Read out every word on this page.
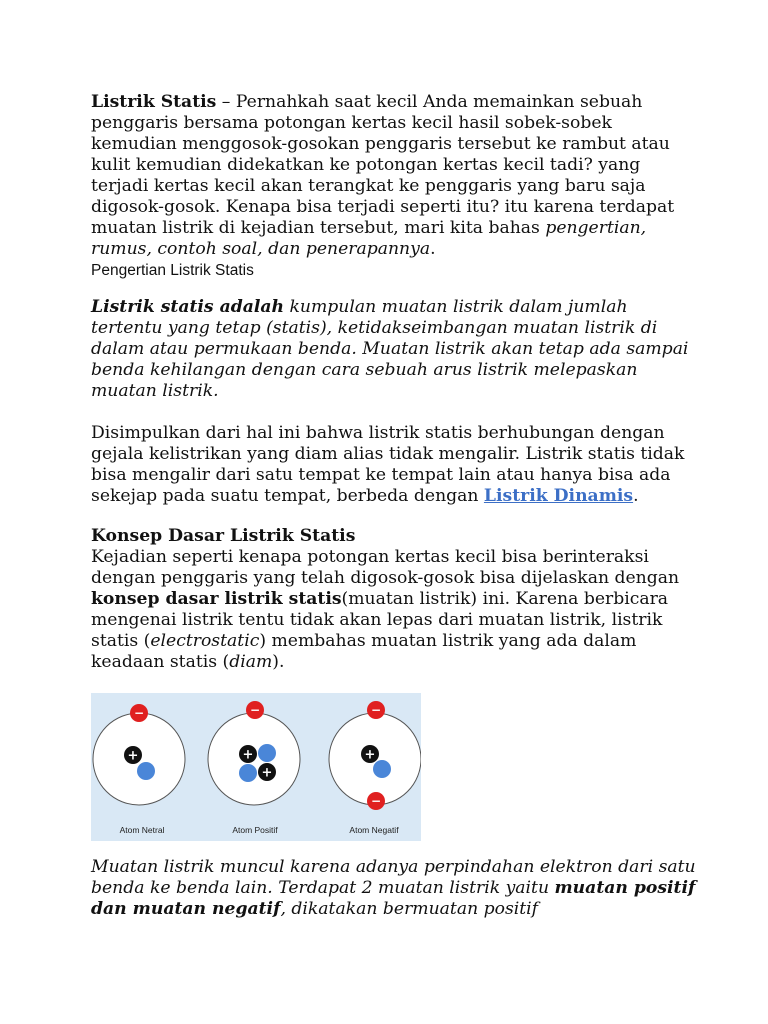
Listrik Statis – Pernahkah saat kecil Anda memainkan sebuah penggaris bersama potongan kertas kecil hasil sobek-sobek kemudian menggosok-gosokan penggaris tersebut ke rambut atau kulit kemudian didekatkan ke potongan kertas kecil tadi? yang terjadi kertas kecil akan terangkat ke penggaris yang baru saja digosok-gosok. Kenapa bisa terjadi seperti itu? itu karena terdapat muatan listrik di kejadian tersebut, mari kita bahas pengertian, rumus, contoh soal, dan penerapannya.

Pengertian Listrik Statis

Listrik statis adalah kumpulan muatan listrik dalam jumlah tertentu yang tetap (statis), ketidakseimbangan muatan listrik di dalam atau permukaan benda. Muatan listrik akan tetap ada sampai benda kehilangan dengan cara sebuah arus listrik melepaskan muatan listrik.

Disimpulkan dari hal ini bahwa listrik statis berhubungan dengan gejala kelistrikan yang diam alias tidak mengalir. Listrik statis tidak bisa mengalir dari satu tempat ke tempat lain atau hanya bisa ada sekejap pada suatu tempat, berbeda dengan Listrik Dinamis.

Konsep Dasar Listrik Statis

Kejadian seperti kenapa potongan kertas kecil bisa berinteraksi dengan penggaris yang telah digosok-gosok bisa dijelaskan dengan konsep dasar listrik statis(muatan listrik) ini. Karena berbicara mengenai listrik tentu tidak akan lepas dari muatan listrik, listrik statis (electrostatic) membahas muatan listrik yang ada dalam keadaan statis (diam).

−
+
Atom Netral
−
+
+
Atom Positif
−
+
−
Atom Negatif

Muatan listrik muncul karena adanya perpindahan elektron dari satu benda ke benda lain. Terdapat 2 muatan listrik yaitu muatan positif dan muatan negatif, dikatakan bermuatan positif
